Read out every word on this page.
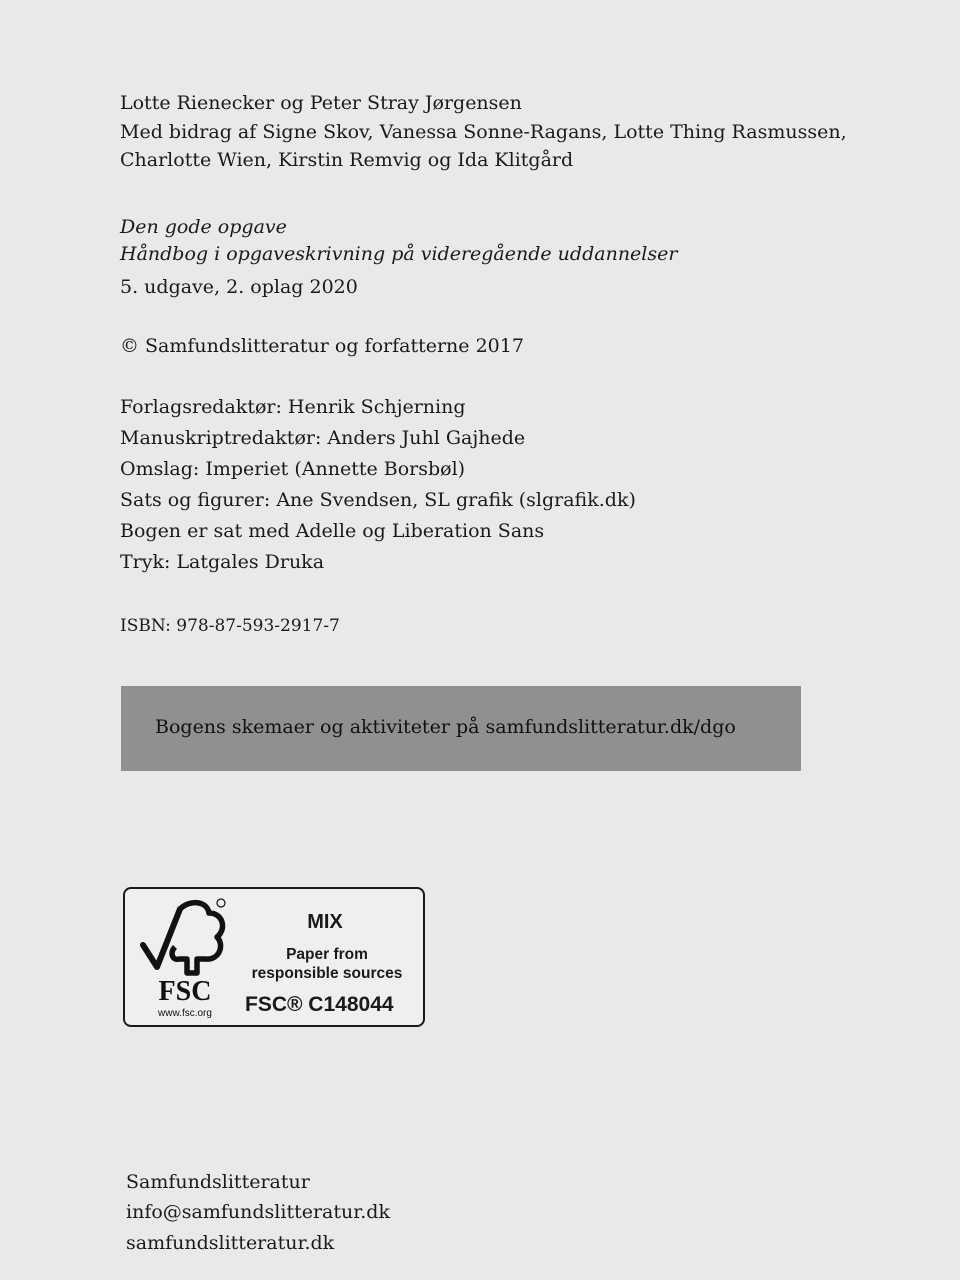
Lotte Rienecker og Peter Stray Jørgensen
Med bidrag af Signe Skov, Vanessa Sonne-Ragans, Lotte Thing Rasmussen,
Charlotte Wien, Kirstin Remvig og Ida Klitgård
Den gode opgave
Håndbog i opgaveskrivning på videregående uddannelser
5. udgave, 2. oplag 2020
© Samfundslitteratur og forfatterne 2017
Forlagsredaktør: Henrik Schjerning
Manuskriptredaktør: Anders Juhl Gajhede
Omslag: Imperiet (Annette Borsbøl)
Sats og figurer: Ane Svendsen, SL grafik (slgrafik.dk)
Bogen er sat med Adelle og Liberation Sans
Tryk: Latgales Druka
ISBN: 978-87-593-2917-7
Bogens skemaer og aktiviteter på samfundslitteratur.dk/dgo
FSC
www.fsc.org
MIX
Paper from
responsible sources
FSC® C148044
Samfundslitteratur
info@samfundslitteratur.dk
samfundslitteratur.dk
